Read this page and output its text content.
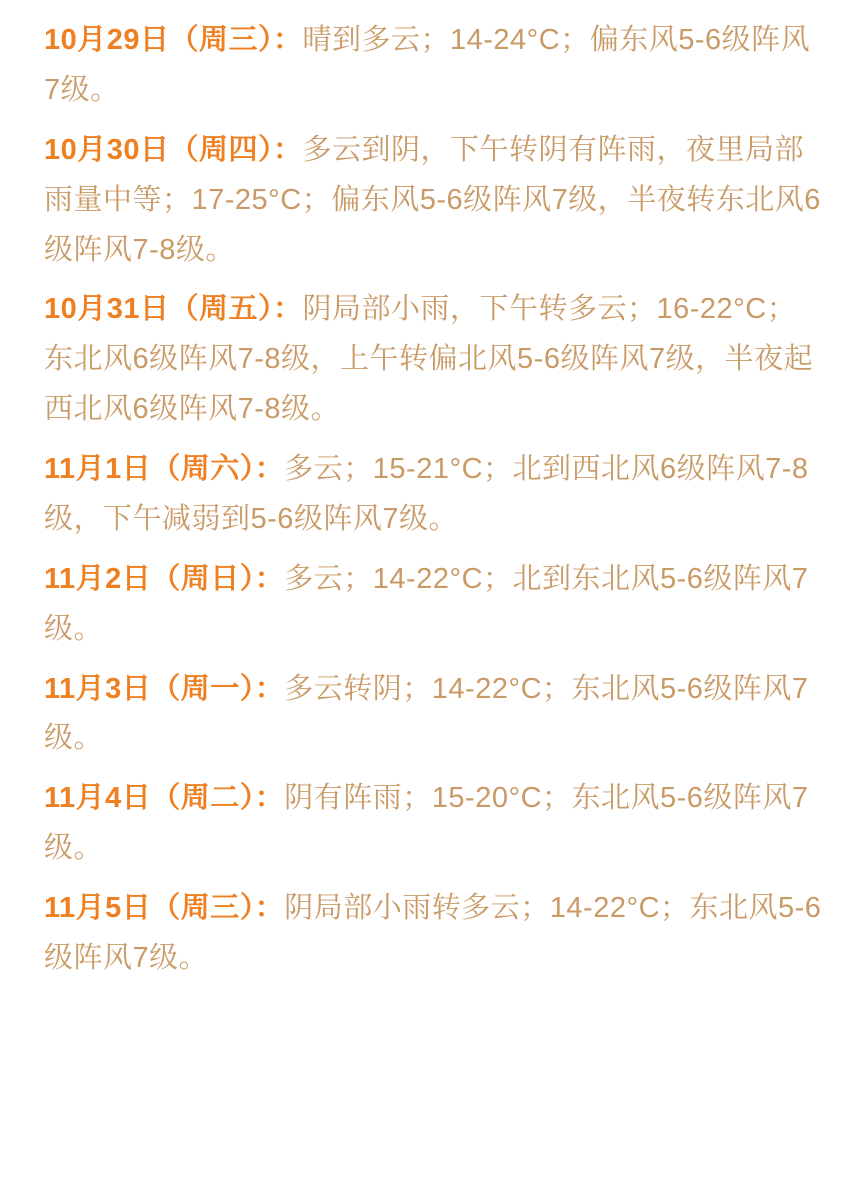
10月29日（周三）：晴到多云；14-24°C；偏东风5-6级阵风7级。

10月30日（周四）：多云到阴，下午转阴有阵雨，夜里局部雨量中等；17-25°C；偏东风5-6级阵风7级，半夜转东北风6级阵风7-8级。

10月31日（周五）：阴局部小雨，下午转多云；16-22°C；东北风6级阵风7-8级，上午转偏北风5-6级阵风7级，半夜起西北风6级阵风7-8级。

11月1日（周六）：多云；15-21°C；北到西北风6级阵风7-8级，下午减弱到5-6级阵风7级。

11月2日（周日）：多云；14-22°C；北到东北风5-6级阵风7级。

11月3日（周一）：多云转阴；14-22°C；东北风5-6级阵风7级。

11月4日（周二）：阴有阵雨；15-20°C；东北风5-6级阵风7级。

11月5日（周三）：阴局部小雨转多云；14-22°C；东北风5-6级阵风7级。
